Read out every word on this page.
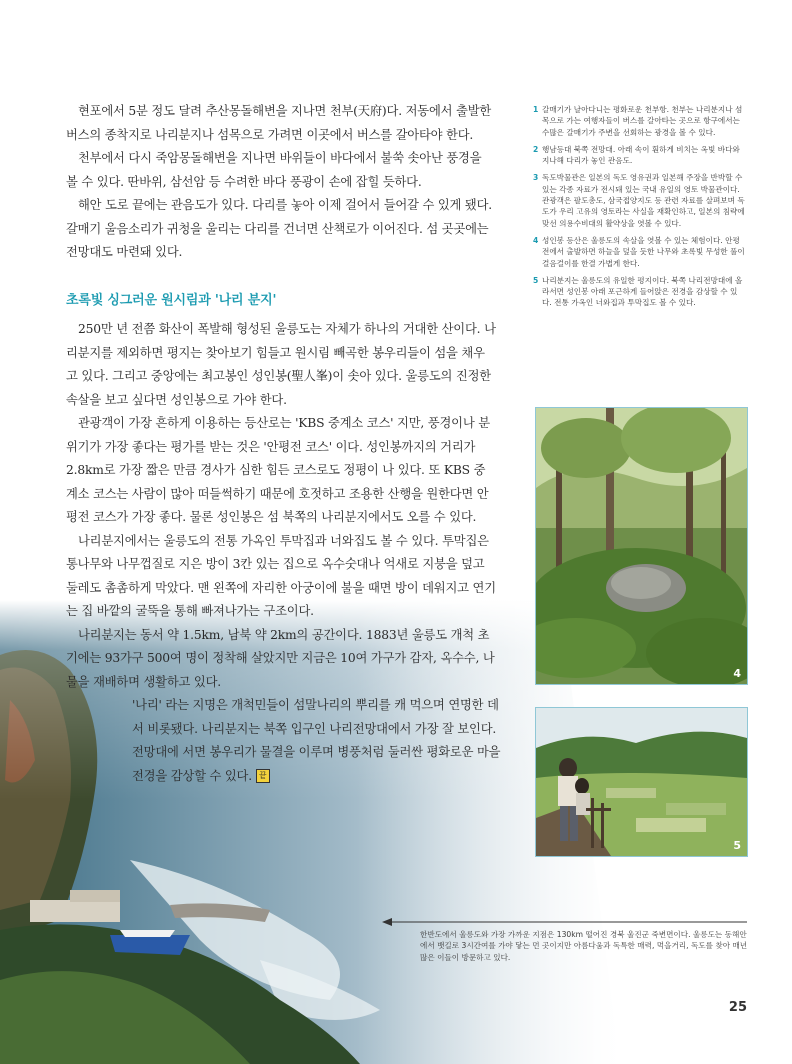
현포에서 5분 정도 달려 추산몽돌해변을 지나면 천부(天府)다. 저동에서 출발한 버스의 종착지로 나리분지나 섬목으로 가려면 이곳에서 버스를 갈아타야 한다.

천부에서 다시 죽암몽돌해변을 지나면 바위들이 바다에서 불쑥 솟아난 풍경을 볼 수 있다. 딴바위, 삼선암 등 수려한 바다 풍광이 손에 잡힐 듯하다.

해안 도로 끝에는 관음도가 있다. 다리를 놓아 이제 걸어서 들어갈 수 있게 됐다. 갈매기 울음소리가 귀청을 울리는 다리를 건너면 산책로가 이어진다. 섬 곳곳에는 전망대도 마련돼 있다.

초록빛 싱그러운 원시림과 '나리 분지'

250만 년 전쯤 화산이 폭발해 형성된 울릉도는 자체가 하나의 거대한 산이다. 나리분지를 제외하면 평지는 찾아보기 힘들고 원시림 빼곡한 봉우리들이 섬을 채우고 있다. 그리고 중앙에는 최고봉인 성인봉(聖人峯)이 솟아 있다. 울릉도의 진정한 속살을 보고 싶다면 성인봉으로 가야 한다.

관광객이 가장 흔하게 이용하는 등산로는 'KBS 중계소 코스' 지만, 풍경이나 분위기가 가장 좋다는 평가를 받는 것은 '안평전 코스' 이다. 성인봉까지의 거리가 2.8km로 가장 짧은 만큼 경사가 심한 힘든 코스로도 정평이 나 있다. 또 KBS 중계소 코스는 사람이 많아 떠들썩하기 때문에 호젓하고 조용한 산행을 원한다면 안평전 코스가 가장 좋다. 물론 성인봉은 섬 북쪽의 나리분지에서도 오를 수 있다.

나리분지에서는 울릉도의 전통 가옥인 투막집과 너와집도 볼 수 있다. 투막집은 통나무와 나무껍질로 지은 방이 3칸 있는 집으로 옥수숫대나 억새로 지붕을 덮고 둘레도 촘촘하게 막았다. 맨 왼쪽에 자리한 아궁이에 불을 때면 방이 데워지고 연기는 집 바깥의 굴뚝을 통해 빠져나가는 구조이다.

나리분지는 동서 약 1.5km, 남북 약 2km의 공간이다. 1883년 울릉도 개척 초기에는 93가구 500여 명이 정착해 살았지만 지금은 10여 가구가 감자, 옥수수, 나물을 재배하며 생활하고 있다.

'나리' 라는 지명은 개척민들이 섬말나리의 뿌리를 캐 먹으며 연명한 데서 비롯됐다. 나리분지는 북쪽 입구인 나리전망대에서 가장 잘 보인다. 전망대에 서면 봉우리가 물결을 이루며 병풍처럼 둘러싼 평화로운 마을 전경을 감상할 수 있다. 끝

1 갈매기가 날아다니는 평화로운 천부항. 천부는 나리분지나 섬목으로 가는 여행자들이 버스를 갈아타는 곳으로 항구에서는 수많은 갈매기가 주변을 선회하는 광경을 볼 수 있다.
2 행남등대 북쪽 전망대. 아래 속이 훤하게 비치는 옥빛 바다와 지나해 다리가 놓인 관음도.
3 독도박물관은 일본의 독도 영유권과 일본해 주장을 반박할 수 있는 각종 자료가 전시돼 있는 국내 유일의 영토 박물관이다. 관광객은 팔도총도, 삼국접양지도 등 관련 자료를 살펴보며 독도가 우리 고유의 영토라는 사실을 재확인하고, 일본의 침략에 맞선 의용수비대의 활약상을 엿볼 수 있다.
4 성인봉 등산은 울릉도의 속살을 엿볼 수 있는 체험이다. 안평전에서 출발하면 하늘을 덮을 듯한 나무와 초록빛 무성한 풀이 걸음걸이를 한결 가볍게 한다.
5 나리분지는 울릉도의 유일한 평지이다. 북쪽 나리전망대에 올라서면 성인봉 아래 포근하게 들어앉은 전경을 감상할 수 있다. 전통 가옥인 너와집과 투막집도 볼 수 있다.
4
5
한반도에서 울릉도와 가장 가까운 지점은 130km 떨어진 경북 울진군 죽변면이다. 울릉도는 동해안에서 뱃길로 3시간여를 가야 닿는 먼 곳이지만 아름다움과 독특한 매력, 먹을거리, 독도를 찾아 매년 많은 이들이 방문하고 있다.
25
